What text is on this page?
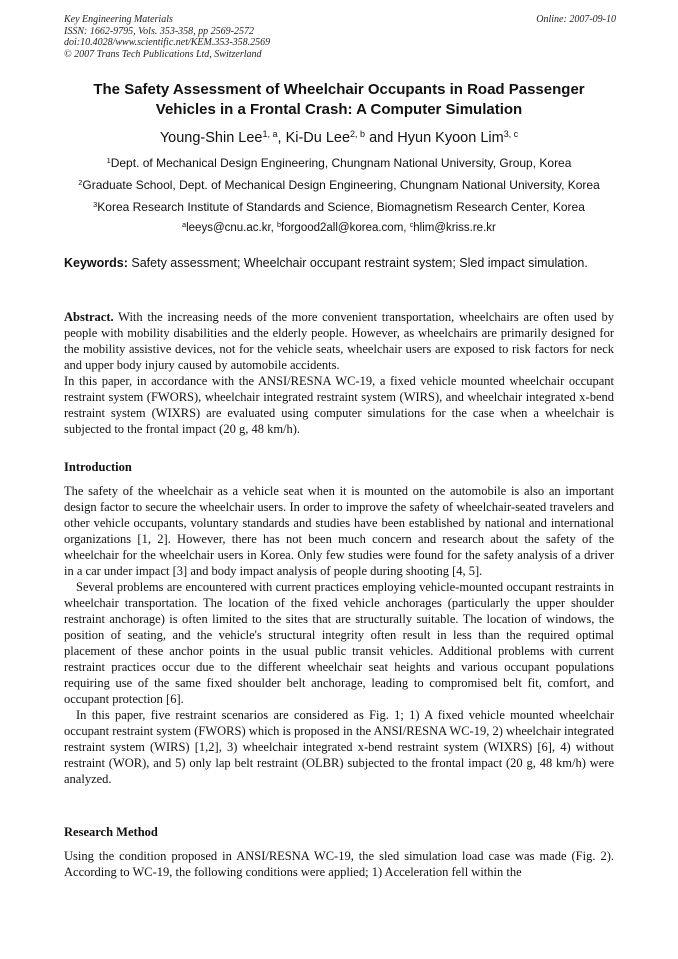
Key Engineering Materials
ISSN: 1662-9795, Vols. 353-358, pp 2569-2572
doi:10.4028/www.scientific.net/KEM.353-358.2569
© 2007 Trans Tech Publications Ltd, Switzerland
Online: 2007-09-10
The Safety Assessment of Wheelchair Occupants in Road Passenger
Vehicles in a Frontal Crash: A Computer Simulation
Young-Shin Lee$^{1, a}$, Ki-Du Lee$^{2, b}$ and Hyun Kyoon Lim$^{3, c}$
$^1$Dept. of Mechanical Design Engineering, Chungnam National University, Group, Korea
$^2$Graduate School, Dept. of Mechanical Design Engineering, Chungnam National University, Korea
$^3$Korea Research Institute of Standards and Science, Biomagnetism Research Center, Korea
$^a$leeys@cnu.ac.kr, $^b$forgood2all@korea.com, $^c$hlim@kriss.re.kr
Keywords: Safety assessment; Wheelchair occupant restraint system; Sled impact simulation.

Abstract. With the increasing needs of the more convenient transportation, wheelchairs are often used by people with mobility disabilities and the elderly people. However, as wheelchairs are primarily designed for the mobility assistive devices, not for the vehicle seats, wheelchair users are exposed to risk factors for neck and upper body injury caused by automobile accidents.

In this paper, in accordance with the ANSI/RESNA WC-19, a fixed vehicle mounted wheelchair occupant restraint system (FWORS), wheelchair integrated restraint system (WIRS), and wheelchair integrated x-bend restraint system (WIXRS) are evaluated using computer simulations for the case when a wheelchair is subjected to the frontal impact (20 g, 48 km/h).

Introduction

The safety of the wheelchair as a vehicle seat when it is mounted on the automobile is also an important design factor to secure the wheelchair users. In order to improve the safety of wheelchair-seated travelers and other vehicle occupants, voluntary standards and studies have been established by national and international organizations [1, 2]. However, there has not been much concern and research about the safety of the wheelchair for the wheelchair users in Korea. Only few studies were found for the safety analysis of a driver in a car under impact [3] and body impact analysis of people during shooting [4, 5].

Several problems are encountered with current practices employing vehicle-mounted occupant restraints in wheelchair transportation. The location of the fixed vehicle anchorages (particularly the upper shoulder restraint anchorage) is often limited to the sites that are structurally suitable. The location of windows, the position of seating, and the vehicle's structural integrity often result in less than the required optimal placement of these anchor points in the usual public transit vehicles. Additional problems with current restraint practices occur due to the different wheelchair seat heights and various occupant populations requiring use of the same fixed shoulder belt anchorage, leading to compromised belt fit, comfort, and occupant protection [6].

In this paper, five restraint scenarios are considered as Fig. 1; 1) A fixed vehicle mounted wheelchair occupant restraint system (FWORS) which is proposed in the ANSI/RESNA WC-19, 2) wheelchair integrated restraint system (WIRS) [1,2], 3) wheelchair integrated x-bend restraint system (WIXRS) [6], 4) without restraint (WOR), and 5) only lap belt restraint (OLBR) subjected to the frontal impact (20 g, 48 km/h) were analyzed.

Research Method

Using the condition proposed in ANSI/RESNA WC-19, the sled simulation load case was made (Fig. 2). According to WC-19, the following conditions were applied; 1) Acceleration fell within the
